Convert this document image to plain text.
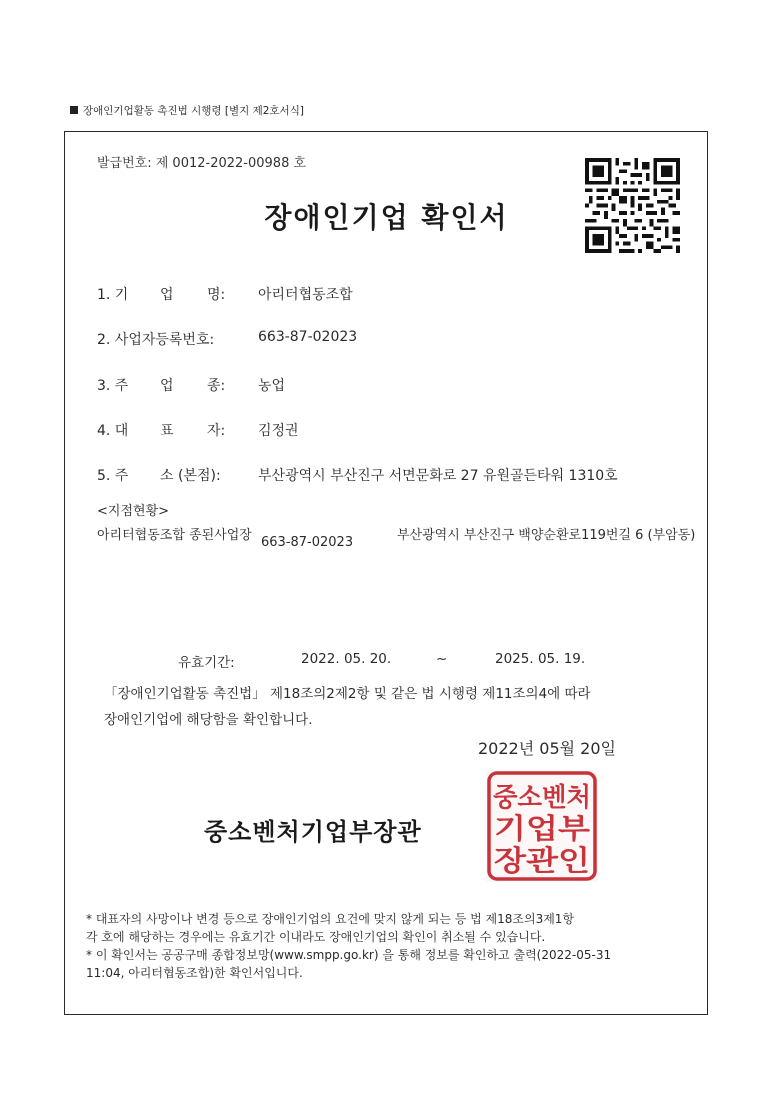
장애인기업활동 촉진법 시행령 [별지 제2호서식]
발급번호: 제 0012-2022-00988 호
장애인기업 확인서
1. 기 업 명: 아리터협동조합
2. 사업자등록번호:	663-87-02023
3. 주 업 종: 농업
4. 대 표 자: 김정권
5. 주 소 (본점):	부산광역시 부산진구 서면문화로 27 유원골든타워 1310호
<지점현황>
아리터협동조합 종된사업장 663-87-02023	부산광역시 부산진구 백양순환로119번길 6 (부암동)
유효기간:	2022. 05. 20.	~	2025. 05. 19.
「장애인기업활동 촉진법」 제18조의2제2항 및 같은 법 시행령 제11조의4에 따라
장애인기업에 해당함을 확인합니다.
2022년 05월 20일
중소벤처기업부장관
중소벤처
기업부
장관인
* 대표자의 사망이나 변경 등으로 장애인기업의 요건에 맞지 않게 되는 등 법 제18조의3제1항
각 호에 해당하는 경우에는 유효기간 이내라도 장애인기업의 확인이 취소될 수 있습니다.
* 이 확인서는 공공구매 종합정보망(www.smpp.go.kr) 을 통해 정보를 확인하고 출력(2022-05-31
11:04, 아리터협동조합)한 확인서입니다.
